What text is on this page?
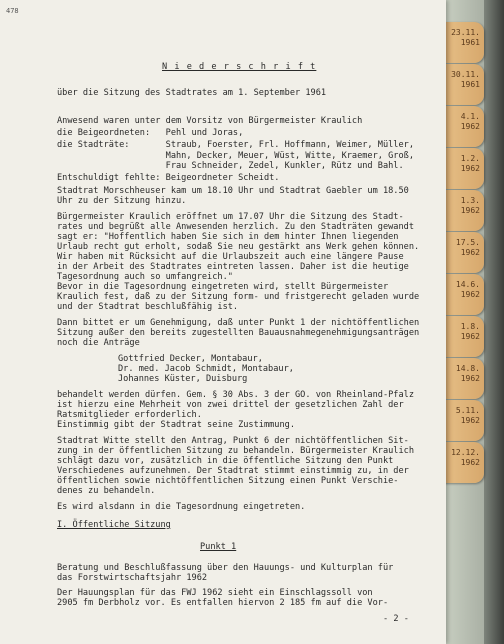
23.11.
1961
30.11.
1961
4.1.
1962
1.2.
1962
1.3.
1962
17.5.
1962
14.6.
1962
1.8.
1962
14.8.
1962
5.11.
1962
12.12.
1962
478
N i e d e r s c h r i f t
über die Sitzung des Stadtrates am 1. September 1961
Anwesend waren unter dem Vorsitz von Bürgermeister Kraulich
die Beigeordneten:   Pehl und Joras,
die Stadträte:       Straub, Foerster, Frl. Hoffmann, Weimer, Müller,
Mahn, Decker, Meuer, Wüst, Witte, Kraemer, Groß,
Frau Schneider, Zedel, Kunkler, Rütz und Bahl.
Entschuldigt fehlte: Beigeordneter Scheidt.
Stadtrat Morschheuser kam um 18.10 Uhr und Stadtrat Gaebler um 18.50
Uhr zu der Sitzung hinzu.
Bürgermeister Kraulich eröffnet um 17.07 Uhr die Sitzung des Stadt-
rates und begrüßt alle Anwesenden herzlich. Zu den Stadträten gewandt
sagt er: "Hoffentlich haben Sie sich in dem hinter Ihnen liegenden
Urlaub recht gut erholt, sodaß Sie neu gestärkt ans Werk gehen können.
Wir haben mit Rücksicht auf die Urlaubszeit auch eine längere Pause
in der Arbeit des Stadtrates eintreten lassen. Daher ist die heutige
Tagesordnung auch so umfangreich."
Bevor in die Tagesordnung eingetreten wird, stellt Bürgermeister
Kraulich fest, daß zu der Sitzung form- und fristgerecht geladen wurde
und der Stadtrat beschlußfähig ist.
Dann bittet er um Genehmigung, daß unter Punkt 1 der nichtöffentlichen
Sitzung außer den bereits zugestellten Bauausnahmegenehmigungsanträgen
noch die Anträge
Gottfried Decker, Montabaur,
Dr. med. Jacob Schmidt, Montabaur,
Johannes Küster, Duisburg
behandelt werden dürfen. Gem. § 30 Abs. 3 der GO. von Rheinland-Pfalz
ist hierzu eine Mehrheit von zwei drittel der gesetzlichen Zahl der
Ratsmitglieder erforderlich.
Einstimmig gibt der Stadtrat seine Zustimmung.
Stadtrat Witte stellt den Antrag, Punkt 6 der nichtöffentlichen Sit-
zung in der öffentlichen Sitzung zu behandeln. Bürgermeister Kraulich
schlägt dazu vor, zusätzlich in die öffentliche Sitzung den Punkt
Verschiedenes aufzunehmen. Der Stadtrat stimmt einstimmig zu, in der
öffentlichen sowie nichtöffentlichen Sitzung einen Punkt Verschie-
denes zu behandeln.
Es wird alsdann in die Tagesordnung eingetreten.
I. Öffentliche Sitzung
Punkt 1
Beratung und Beschlußfassung über den Hauungs- und Kulturplan für
das Forstwirtschaftsjahr 1962
Der Hauungsplan für das FWJ 1962 sieht ein Einschlagssoll von
2905 fm Derbholz vor. Es entfallen hiervon 2 185 fm auf die Vor-
- 2 -
